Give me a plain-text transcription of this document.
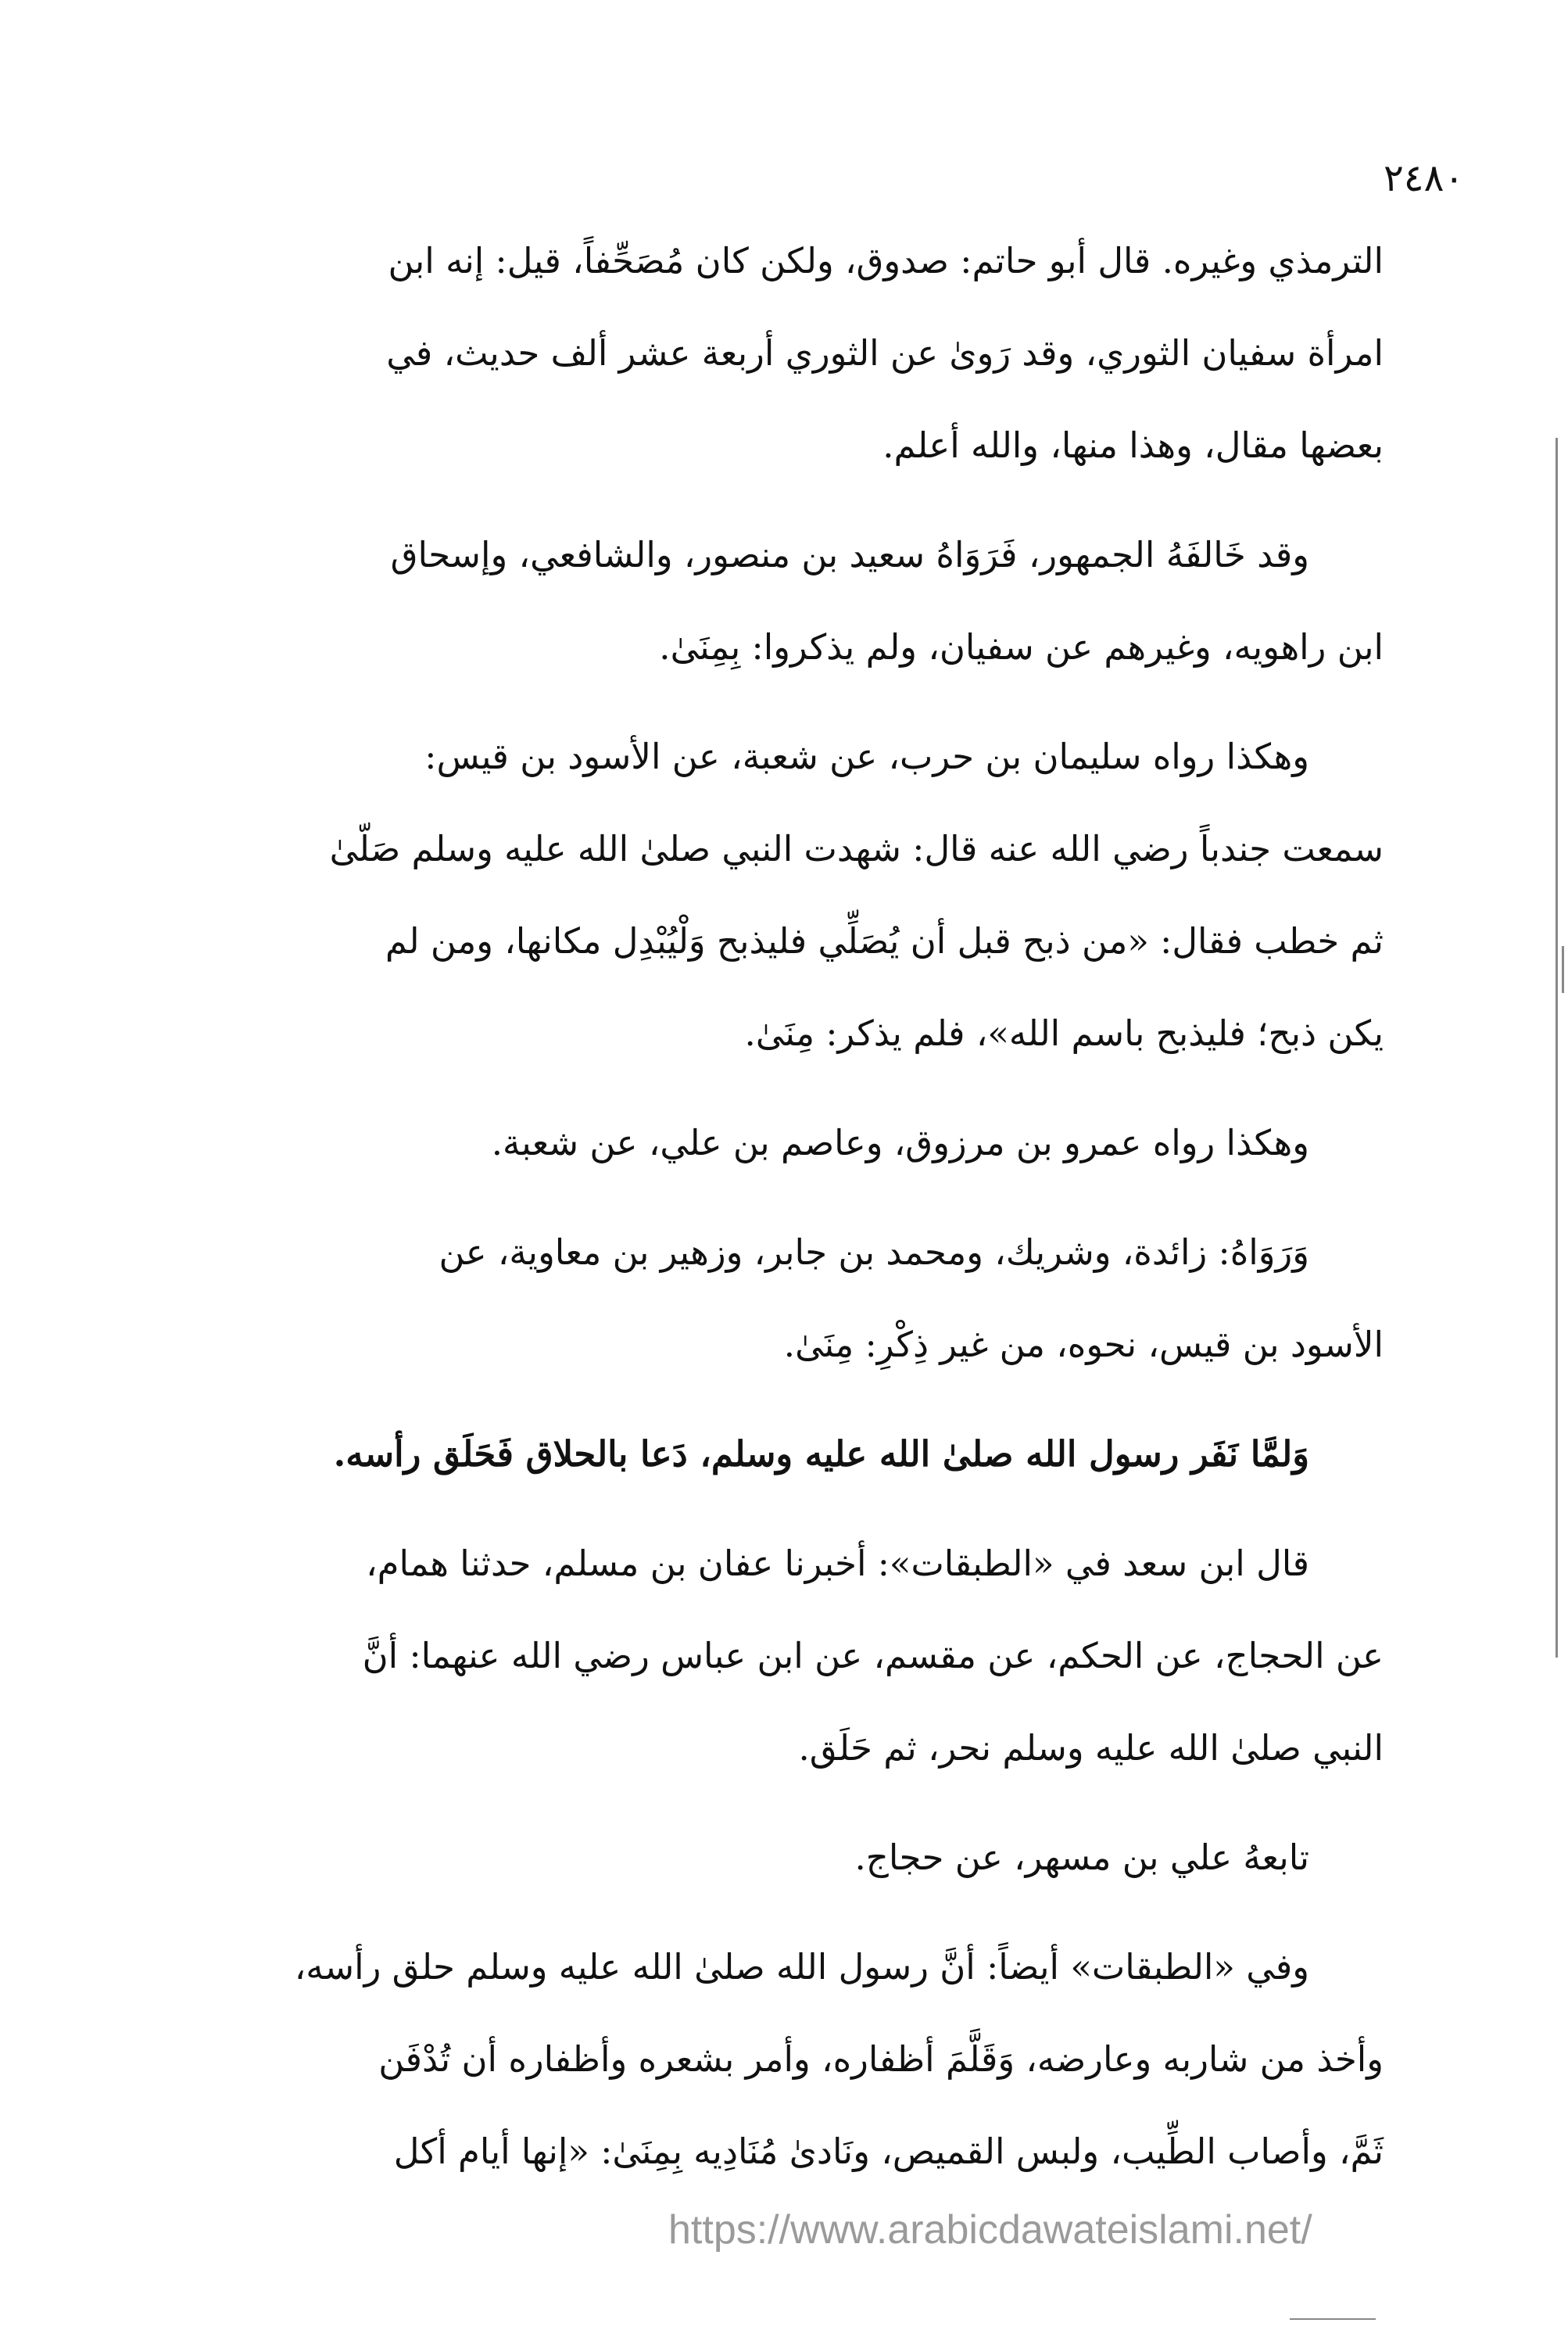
٢٤٨٠
الترمذي وغيره. قال أبو حاتم: صدوق، ولكن كان مُصَحِّفاً، قيل: إنه ابن
امرأة سفيان الثوري، وقد رَوىٰ عن الثوري أربعة عشر ألف حديث، في
بعضها مقال، وهذا منها، والله أعلم.
وقد خَالفَهُ الجمهور، فَرَوَاهُ سعيد بن منصور، والشافعي، وإسحاق
ابن راهويه، وغيرهم عن سفيان، ولم يذكروا: بِمِنَىٰ.
وهكذا رواه سليمان بن حرب، عن شعبة، عن الأسود بن قيس:
سمعت جندباً رضي الله عنه قال: شهدت النبي صلىٰ الله عليه وسلم صَلّىٰ
ثم خطب فقال: «من ذبح قبل أن يُصَلِّي فليذبح وَلْيُبْدِل مكانها، ومن لم
يكن ذبح؛ فليذبح باسم الله»، فلم يذكر: مِنَىٰ.
وهكذا رواه عمرو بن مرزوق، وعاصم بن علي، عن شعبة.
وَرَوَاهُ: زائدة، وشريك، ومحمد بن جابر، وزهير بن معاوية، عن
الأسود بن قيس، نحوه، من غير ذِكْرِ: مِنَىٰ.
وَلمَّا نَفَر رسول الله صلىٰ الله عليه وسلم، دَعا بالحلاق فَحَلَق رأسه.
قال ابن سعد في «الطبقات»: أخبرنا عفان بن مسلم، حدثنا همام،
عن الحجاج، عن الحكم، عن مقسم، عن ابن عباس رضي الله عنهما: أنَّ
النبي صلىٰ الله عليه وسلم نحر، ثم حَلَق.
تابعهُ علي بن مسهر، عن حجاج.
وفي «الطبقات» أيضاً: أنَّ رسول الله صلىٰ الله عليه وسلم حلق رأسه،
وأخذ من شاربه وعارضه، وَقَلَّمَ أظفاره، وأمر بشعره وأظفاره أن تُدْفَن
ثَمَّ، وأصاب الطِّيب، ولبس القميص، ونَادىٰ مُنَادِيه بِمِنَىٰ: «إنها أيام أكل
https://www.arabicdawateislami.net/
